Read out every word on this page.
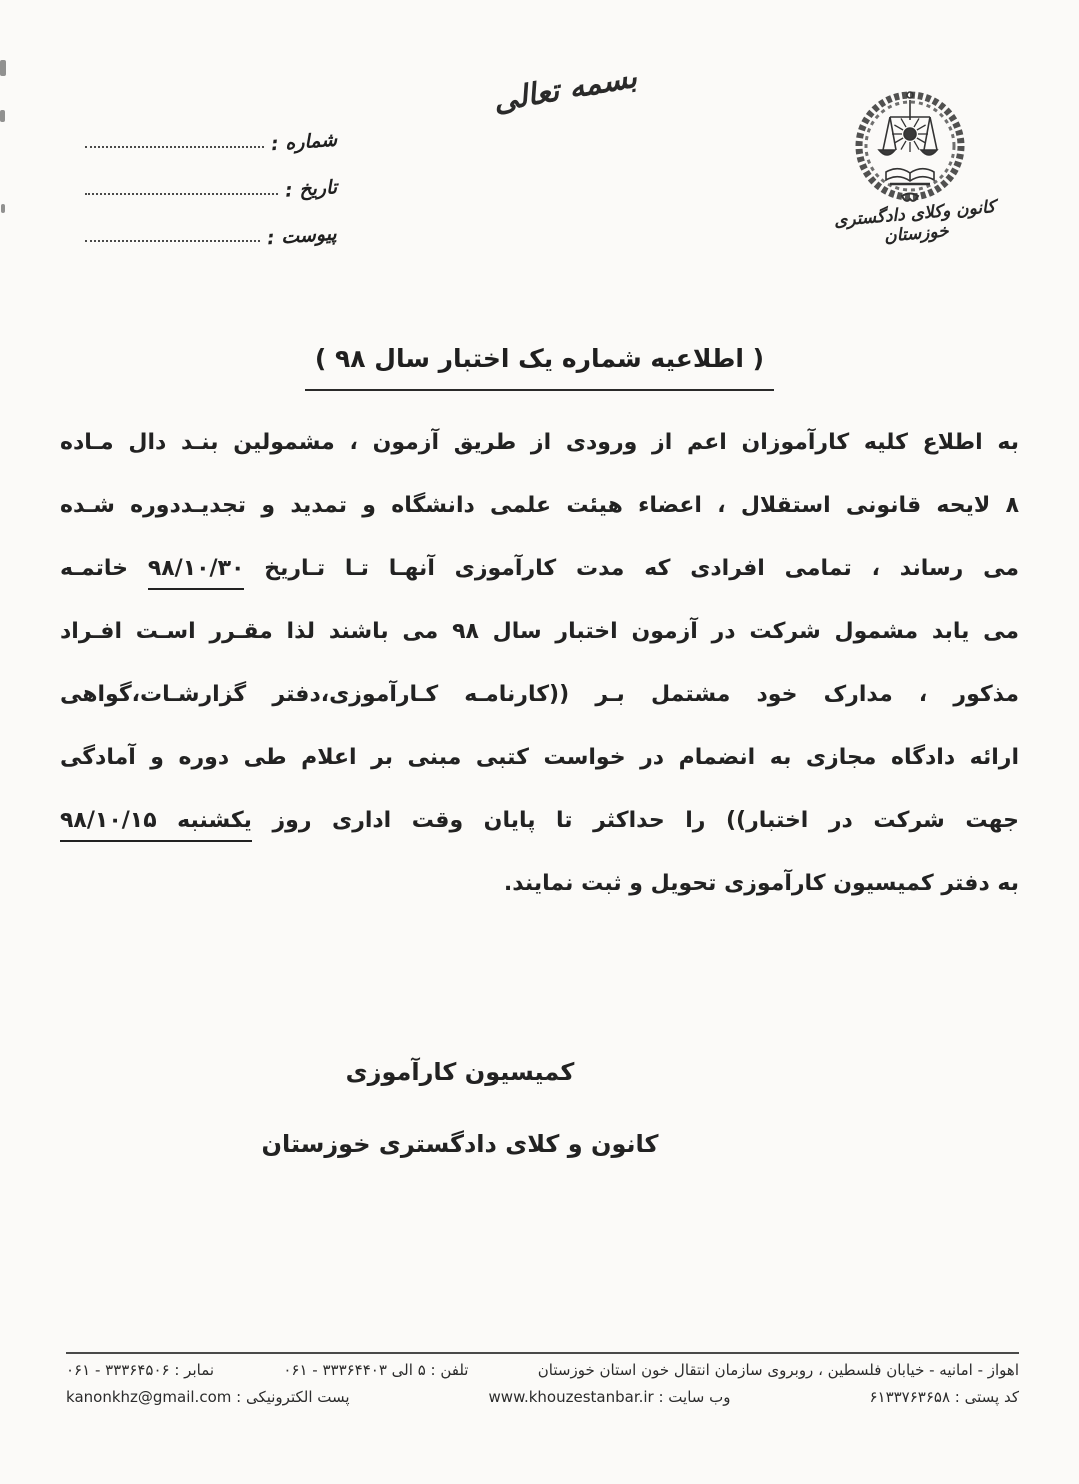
بسمه تعالی
کانون وکلای دادگستری خوزستان
شماره :
تاریخ :
پیوست :
( اطلاعیه شماره یک اختبار سال ۹۸ )
به اطلاع کلیه کارآموزان اعم از ورودی از طریق آزمون ، مشمولین بنـد دال مـاده
۸ لایحه قانونی استقلال ، اعضاء هیئت علمی دانشگاه و تمدید و تجدیـددوره شـده
می رساند ، تمامی افرادی که مدت کارآموزی آنهـا تـا تـاریخ ۹۸/۱۰/۳۰ خاتمـه
می یابد مشمول شرکت در آزمون اختبار سال ۹۸ می باشند لذا مقـرر اسـت افـراد
مذکور ، مدارک خود مشتمل بـر ((کارنامـه کـارآموزی،دفتر گزارشـات،گواهی
ارائه دادگاه مجازی به انضمام در خواست کتبی مبنی بر اعلام طی دوره و آمادگی
جهت شرکت در اختبار)) را حداکثر تا پایان وقت اداری روز یکشنبه ۹۸/۱۰/۱۵
به دفتر کمیسیون کارآموزی تحویل و ثبت نمایند.
کمیسیون کارآموزی
کانون و کلای دادگستری خوزستان
اهواز - امانیه - خیابان فلسطین ، روبروی سازمان انتقال خون استان خوزستان
تلفن : ۵ الی ۳۳۳۶۴۴۰۳ - ۰۶۱
نمابر : ۳۳۳۶۴۵۰۶ - ۰۶۱
کد پستی : ۶۱۳۳۷۶۳۶۵۸
وب سایت : www.khouzestanbar.ir
پست الکترونیکی : kanonkhz@gmail.com
